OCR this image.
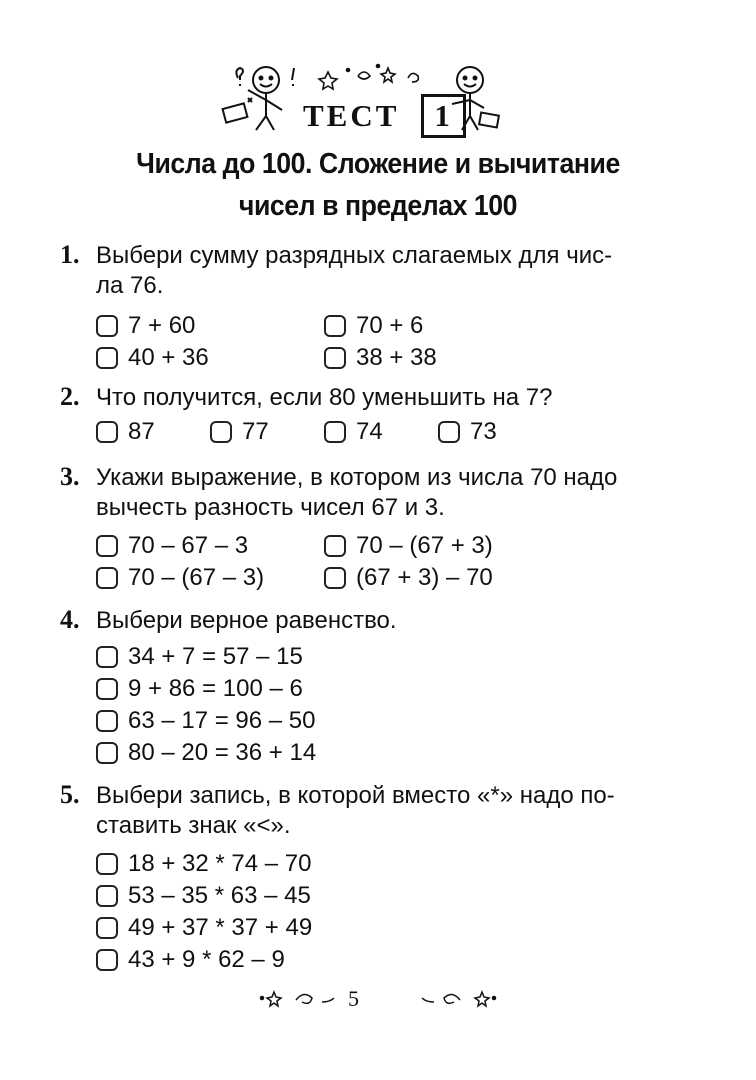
ТЕСТ	1
Числа до 100. Сложение и вычитание
чисел в пределах 100
1. Выбери сумму разрядных слагаемых для чис-
ла 76.
7 + 60	70 + 6
40 + 36	38 + 38
2. Что получится, если 80 уменьшить на 7?
87	77	74	73
3. Укажи выражение, в котором из числа 70 надо
вычесть разность чисел 67 и 3.
70 – 67 – 3	70 – (67 + 3)
70 – (67 – 3)	(67 + 3) – 70
4. Выбери верное равенство.
34 + 7 = 57 – 15
9 + 86 = 100 – 6
63 – 17 = 96 – 50
80 – 20 = 36 + 14
5. Выбери запись, в которой вместо «*» надо по-
ставить знак «<».
18 + 32 * 74 – 70
53 – 35 * 63 – 45
49 + 37 * 37 + 49
43 + 9 * 62 – 9
5
